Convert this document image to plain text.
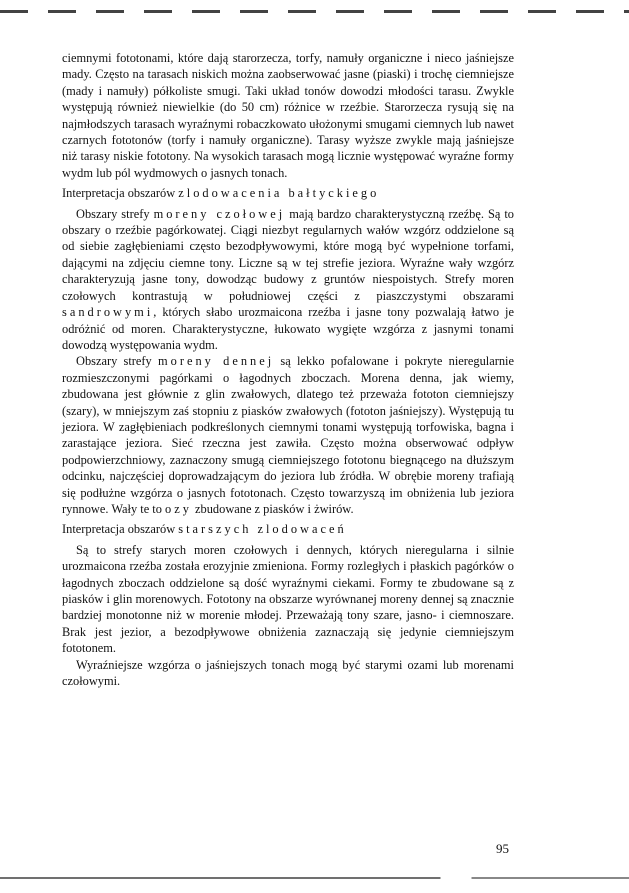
ciemnymi fototonami, które dają starorzecza, torfy, namuły organiczne i nieco jaśniejsze mady. Często na tarasach niskich można zaobserwować jasne (piaski) i trochę ciemniejsze (mady i namuły) półkoliste smugi. Taki układ tonów dowodzi młodości tarasu. Zwykle występują również niewielkie (do 50 cm) różnice w rzeźbie. Starorzecza rysują się na najmłodszych tarasach wyraźnymi robaczkowato ułożonymi smugami ciemnych lub nawet czarnych fototonów (torfy i namuły organiczne). Tarasy wyższe zwykle mają jaśniejsze niż tarasy niskie fototony. Na wysokich tarasach mogą licznie występować wyraźne formy wydm lub pól wydmowych o jasnych tonach.

Interpretacja obszarów zlodowacenia bałtyckiego

Obszary strefy moreny czołowej mają bardzo charakterystyczną rzeźbę. Są to obszary o rzeźbie pagórkowatej. Ciągi niezbyt regularnych wałów wzgórz oddzielone są od siebie zagłębieniami często bezodpływowymi, które mogą być wypełnione torfami, dającymi na zdjęciu ciemne tony. Liczne są w tej strefie jeziora. Wyraźne wały wzgórz charakteryzują jasne tony, dowodząc budowy z gruntów niespoistych. Strefy moren czołowych kontrastują w południowej części z piaszczystymi obszarami sandrowymi, których słabo urozmaicona rzeźba i jasne tony pozwalają łatwo je odróżnić od moren. Charakterystyczne, łukowato wygięte wzgórza z jasnymi tonami dowodzą występowania wydm.

Obszary strefy moreny dennej są lekko pofalowane i pokryte nieregularnie rozmieszczonymi pagórkami o łagodnych zboczach. Morena denna, jak wiemy, zbudowana jest głównie z glin zwałowych, dlatego też przeważa fototon ciemniejszy (szary), w mniejszym zaś stopniu z piasków zwałowych (fototon jaśniejszy). Występują tu jeziora. W zagłębieniach podkreślonych ciemnymi tonami występują torfowiska, bagna i zarastające jeziora. Sieć rzeczna jest zawiła. Często można obserwować odpływ podpowierzchniowy, zaznaczony smugą ciemniejszego fototonu biegnącego na dłuższym odcinku, najczęściej doprowadzającym do jeziora lub źródła. W obrębie moreny trafiają się podłużne wzgórza o jasnych fototonach. Często towarzyszą im obniżenia lub jeziora rynnowe. Wały te to ozy zbudowane z piasków i żwirów.

Interpretacja obszarów starszych zlodowaceń

Są to strefy starych moren czołowych i dennych, których nieregularna i silnie urozmaicona rzeźba została erozyjnie zmieniona. Formy rozległych i płaskich pagórków o łagodnych zboczach oddzielone są dość wyraźnymi ciekami. Formy te zbudowane są z piasków i glin morenowych. Fototony na obszarze wyrównanej moreny dennej są znacznie bardziej monotonne niż w morenie młodej. Przeważają tony szare, jasno- i ciemnoszare. Brak jest jezior, a bezodpływowe obniżenia zaznaczają się jedynie ciemniejszym fototonem.

Wyraźniejsze wzgórza o jaśniejszych tonach mogą być starymi ozami lub morenami czołowymi.

95
